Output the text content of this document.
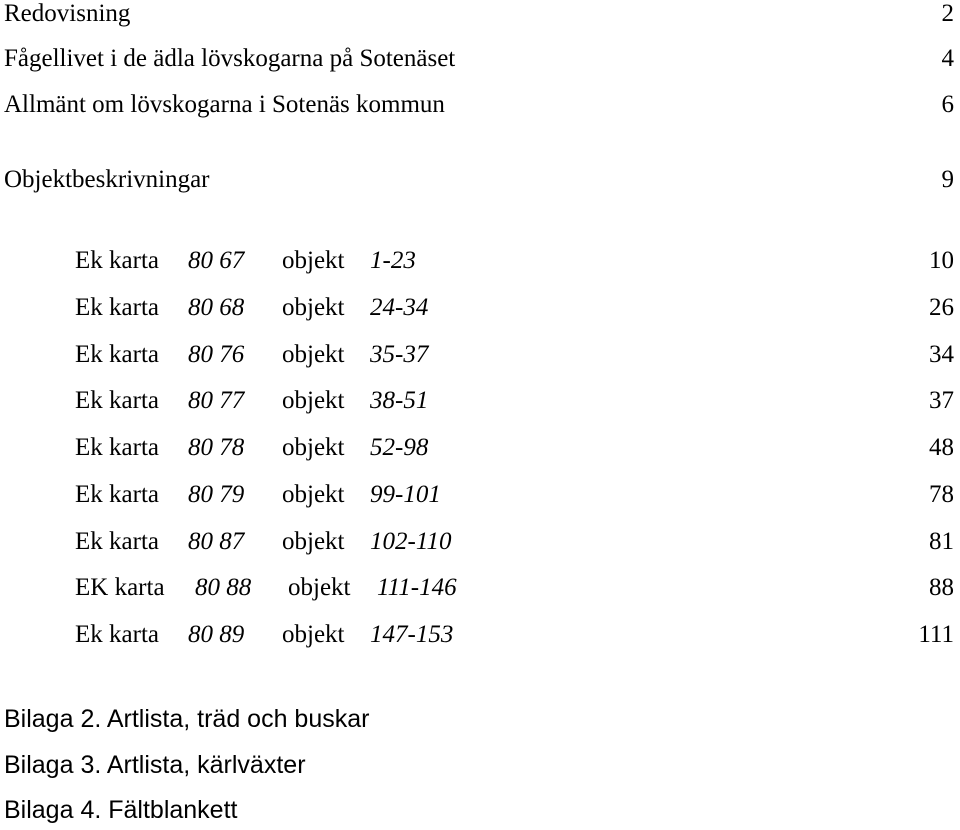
Redovisning	2
Fågellivet i de ädla lövskogarna på Sotenäset	4
Allmänt om lövskogarna i Sotenäs kommun	6
Objektbeskrivningar	9
Ek karta 80 67 objekt 1-23	10
Ek karta 80 68 objekt 24-34	26
Ek karta 80 76 objekt 35-37	34
Ek karta 80 77 objekt 38-51	37
Ek karta 80 78 objekt 52-98	48
Ek karta 80 79 objekt 99-101	78
Ek karta 80 87 objekt 102-110	81
EK karta 80 88 objekt 111-146	88
Ek karta 80 89 objekt 147-153	111
Bilaga 2. Artlista, träd och buskar
Bilaga 3. Artlista, kärlväxter
Bilaga 4. Fältblankett
